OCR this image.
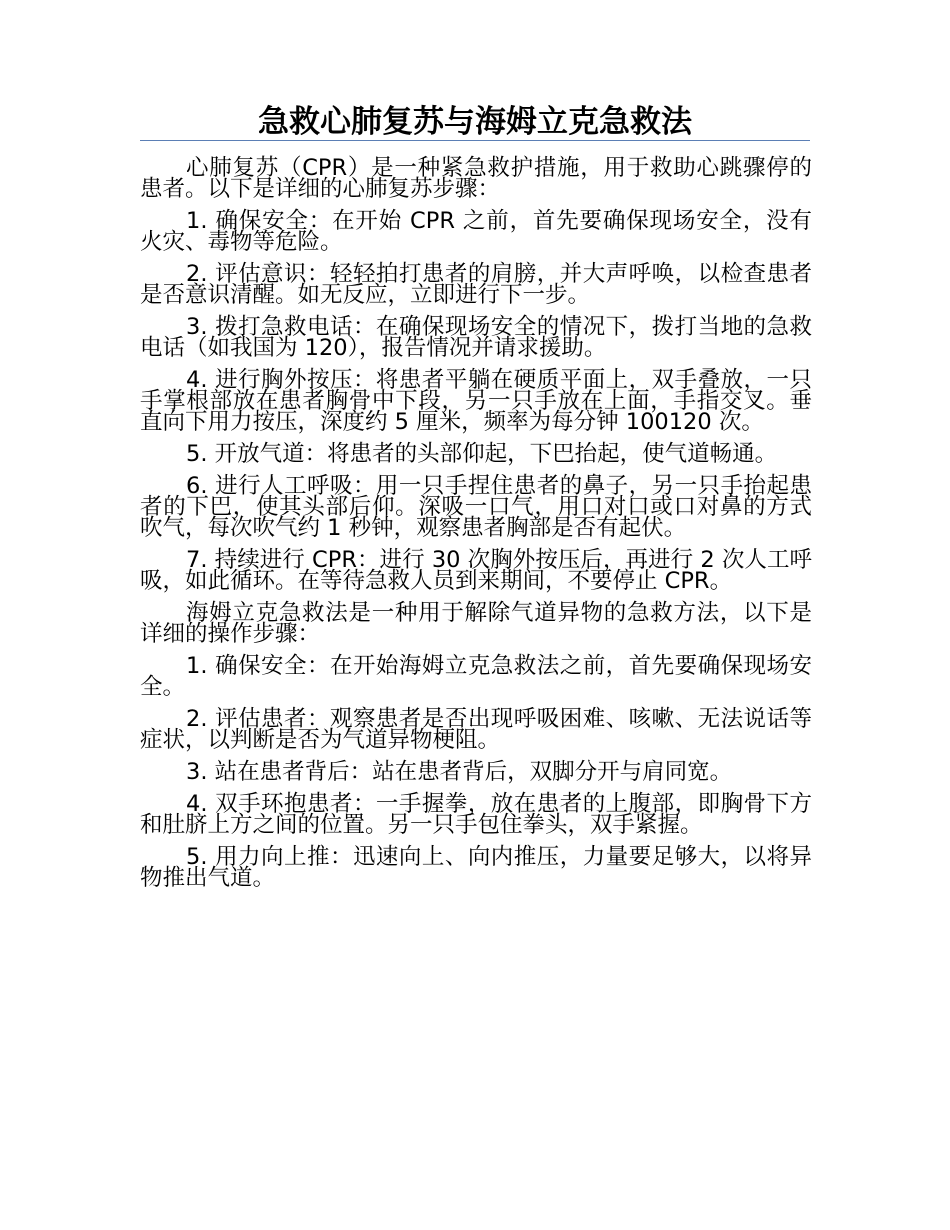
急救心肺复苏与海姆立克急救法

心肺复苏（CPR）是一种紧急救护措施，用于救助心跳骤停的患者。以下是详细的心肺复苏步骤：

1. 确保安全：在开始 CPR 之前，首先要确保现场安全，没有火灾、毒物等危险。

2. 评估意识：轻轻拍打患者的肩膀，并大声呼唤，以检查患者是否意识清醒。如无反应，立即进行下一步。

3. 拨打急救电话：在确保现场安全的情况下，拨打当地的急救电话（如我国为 120），报告情况并请求援助。

4. 进行胸外按压：将患者平躺在硬质平面上，双手叠放，一只手掌根部放在患者胸骨中下段，另一只手放在上面，手指交叉。垂直向下用力按压，深度约 5 厘米，频率为每分钟 100120 次。

5. 开放气道：将患者的头部仰起，下巴抬起，使气道畅通。

6. 进行人工呼吸：用一只手捏住患者的鼻子，另一只手抬起患者的下巴，使其头部后仰。深吸一口气，用口对口或口对鼻的方式吹气，每次吹气约 1 秒钟，观察患者胸部是否有起伏。

7. 持续进行 CPR：进行 30 次胸外按压后，再进行 2 次人工呼吸，如此循环。在等待急救人员到来期间，不要停止 CPR。

海姆立克急救法是一种用于解除气道异物的急救方法，以下是详细的操作步骤：

1. 确保安全：在开始海姆立克急救法之前，首先要确保现场安全。

2. 评估患者：观察患者是否出现呼吸困难、咳嗽、无法说话等症状，以判断是否为气道异物梗阻。

3. 站在患者背后：站在患者背后，双脚分开与肩同宽。

4. 双手环抱患者：一手握拳，放在患者的上腹部，即胸骨下方和肚脐上方之间的位置。另一只手包住拳头，双手紧握。

5. 用力向上推：迅速向上、向内推压，力量要足够大，以将异物推出气道。
